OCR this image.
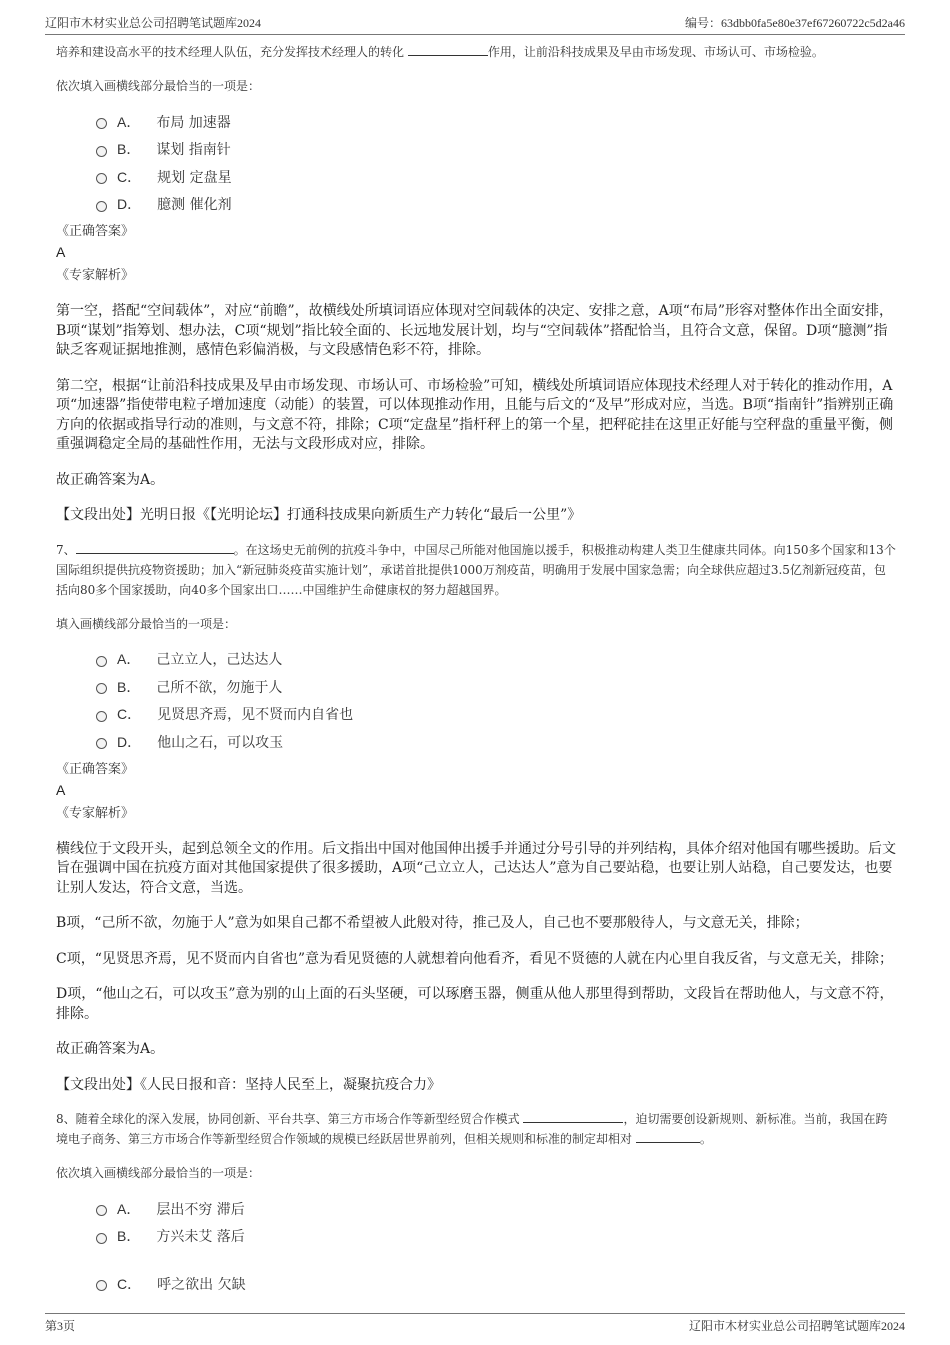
辽阳市木材实业总公司招聘笔试题库2024	编号：63dbb0fa5e80e37ef67260722c5d2a46

培养和建设高水平的技术经理人队伍，充分发挥技术经理人的转化	作用，让前沿科技成果及早由市场发现、市场认可、市场检验。

依次填入画横线部分最恰当的一项是：

A． 布局 加速器
B． 谋划 指南针
C． 规划 定盘星
D． 臆测 催化剂
《正确答案》
A
《专家解析》

第一空，搭配“空间载体”，对应“前瞻”，故横线处所填词语应体现对空间载体的决定、安排之意，A项“布局”形容对整体作出全面安排，B项“谋划”指筹划、想办法，C项“规划”指比较全面的、长远地发展计划，均与“空间载体”搭配恰当，且符合文意，保留。D项“臆测”指缺乏客观证据地推测，感情色彩偏消极，与文段感情色彩不符，排除。

第二空，根据“让前沿科技成果及早由市场发现、市场认可、市场检验”可知，横线处所填词语应体现技术经理人对于转化的推动作用，A项“加速器”指使带电粒子增加速度（动能）的装置，可以体现推动作用，且能与后文的“及早”形成对应，当选。B项“指南针”指辨别正确方向的依据或指导行动的准则，与文意不符，排除；C项“定盘星”指杆秤上的第一个星，把秤砣挂在这里正好能与空秤盘的重量平衡，侧重强调稳定全局的基础性作用，无法与文段形成对应，排除。

故正确答案为A。

【文段出处】光明日报《【光明论坛】打通科技成果向新质生产力转化“最后一公里”》

7、	。在这场史无前例的抗疫斗争中，中国尽己所能对他国施以援手，积极推动构建人类卫生健康共同体。向150多个国家和13个国际组织提供抗疫物资援助；加入“新冠肺炎疫苗实施计划”，承诺首批提供1000万剂疫苗，明确用于发展中国家急需；向全球供应超过3.5亿剂新冠疫苗，包括向80多个国家援助，向40多个国家出口……中国维护生命健康权的努力超越国界。

填入画横线部分最恰当的一项是：

A． 己立立人，己达达人
B． 己所不欲，勿施于人
C． 见贤思齐焉，见不贤而内自省也
D． 他山之石，可以攻玉
《正确答案》
A
《专家解析》

横线位于文段开头，起到总领全文的作用。后文指出中国对他国伸出援手并通过分号引导的并列结构，具体介绍对他国有哪些援助。后文旨在强调中国在抗疫方面对其他国家提供了很多援助，A项“己立立人，己达达人”意为自己要站稳，也要让别人站稳，自己要发达，也要让别人发达，符合文意，当选。

B项，“己所不欲，勿施于人”意为如果自己都不希望被人此般对待，推己及人，自己也不要那般待人，与文意无关，排除；

C项，“见贤思齐焉，见不贤而内自省也”意为看见贤德的人就想着向他看齐，看见不贤德的人就在内心里自我反省，与文意无关，排除；

D项，“他山之石，可以攻玉”意为别的山上面的石头坚硬，可以琢磨玉器，侧重从他人那里得到帮助，文段旨在帮助他人，与文意不符，排除。

故正确答案为A。

【文段出处】《人民日报和音：坚持人民至上，凝聚抗疫合力》

8、随着全球化的深入发展，协同创新、平台共享、第三方市场合作等新型经贸合作模式	，迫切需要创设新规则、新标准。当前，我国在跨境电子商务、第三方市场合作等新型经贸合作领域的规模已经跃居世界前列，但相关规则和标准的制定却相对	。

依次填入画横线部分最恰当的一项是：

A． 层出不穷 滞后
B． 方兴未艾 落后
C． 呼之欲出 欠缺
第3页	辽阳市木材实业总公司招聘笔试题库2024
